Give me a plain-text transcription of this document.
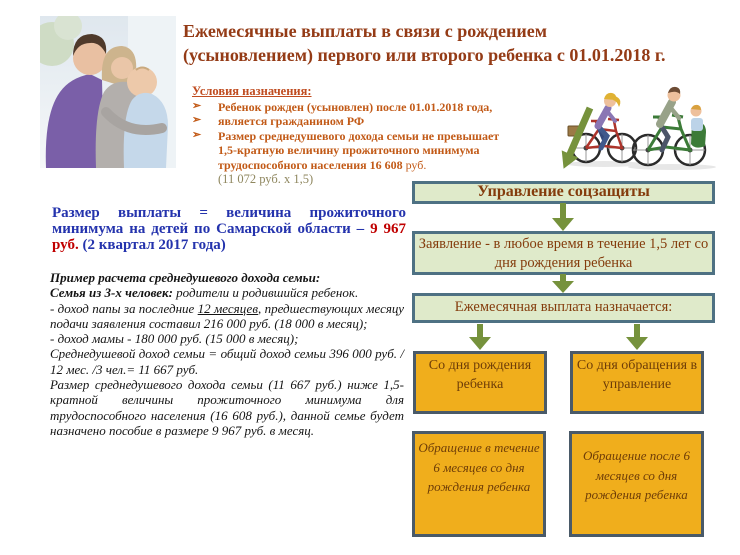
Ежемесячные выплаты в связи с рождением
(усыновлением) первого или второго ребенка с 01.01.2018 г.
Условия назначения:
➢	Ребенок рожден (усыновлен) после 01.01.2018 года,
➢	является гражданином РФ
➢	Размер среднедушевого дохода семьи не превышает 1,5-кратную величину прожиточного минимума трудоспособного населения 16 608 руб.
(11 072 руб. х 1,5)
Размер выплаты = величина прожиточного минимума на детей по Самарской области – 9 967 руб. (2 квартал 2017 года)

Пример расчета среднедушевого дохода семьи:

Семья из 3-х человек: родители и родившийся ребенок.

- доход папы за последние 12 месяцев, предшествующих месяцу подачи заявления составил 216 000 руб. (18 000 в месяц);

- доход мамы - 180 000 руб. (15 000 в месяц);

Среднедушевой доход семьи = общий доход семьи 396 000 руб. / 12 мес. /3 чел.= 11 667 руб.

Размер среднедушевого дохода семьи (11 667 руб.) ниже 1,5-кратной величины прожиточного минимума для трудоспособного населения (16 608 руб.), данной семье будет назначено пособие в размере 9 967 руб. в месяц.

Управление соцзащиты
Заявление - в любое время в течение 1,5 лет со дня рождения ребенка
Ежемесячная выплата назначается:
Со дня рождения ребенка
Со дня обращения в управление
Обращение в течение 6 месяцев со дня рождения ребенка
Обращение после 6 месяцев со дня рождения ребенка
